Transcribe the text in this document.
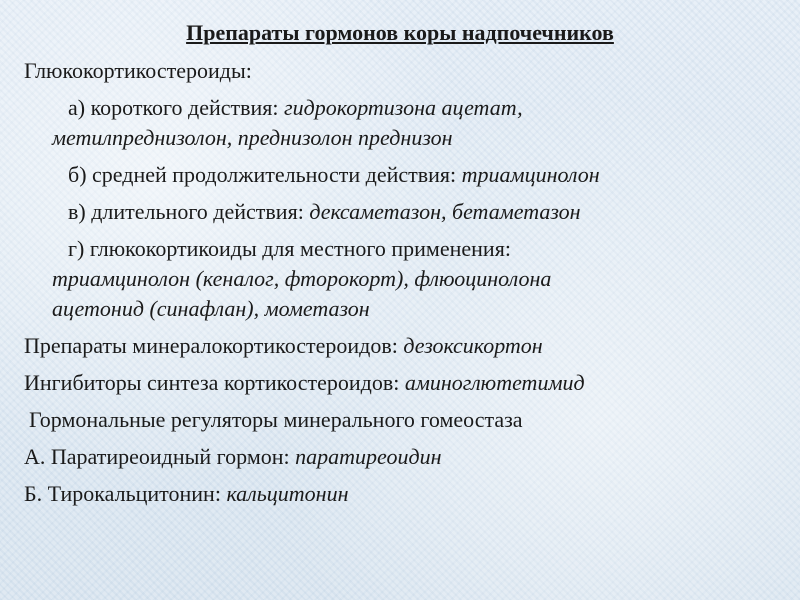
Препараты гормонов коры надпочечников

Глюкокортикостероиды:

а) короткого действия: гидрокортизона ацетат,
метилпреднизолон, преднизолон преднизон

б) средней продолжительности действия: триамцинолон

в) длительного действия: дексаметазон, бетаметазон

г) глюкокортикоиды для местного применения:
триамцинолон (кеналог, фторокорт), флюоцинолона
ацетонид (синафлан), мометазон

Препараты минералокортикостероидов: дезоксикортон

Ингибиторы синтеза кортикостероидов: аминоглютетимид

Гормональные регуляторы минерального гомеостаза

А. Паратиреоидный гормон: паратиреоидин

Б. Тирокальцитонин: кальцитонин
